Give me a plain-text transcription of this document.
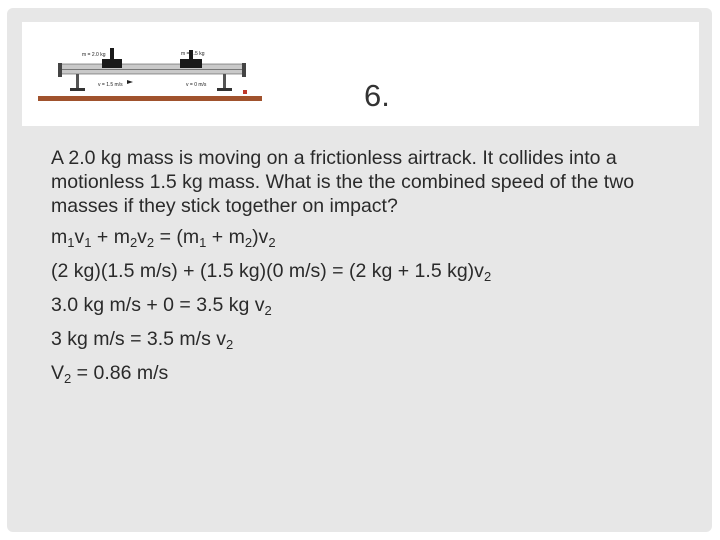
6.
m = 2.0 kg	m = 1.5 kg
v = 1.5 m/s	v = 0 m/s

A 2.0 kg mass is moving on a frictionless airtrack. It collides into a motionless 1.5 kg mass. What is the the combined speed of the two masses if they stick together on impact?

$m_1v_1 + m_2v_2 = (m_1 + m_2)v_2$

(2 kg)(1.5 m/s) + (1.5 kg)(0 m/s) = (2 kg + 1.5 $kg)v_2$

3.0 kg m/s + 0 = 3.5 kg $v_2$

3 kg m/s = 3.5 m/s $v_2$

$V_2 = 0.86$ m/s
